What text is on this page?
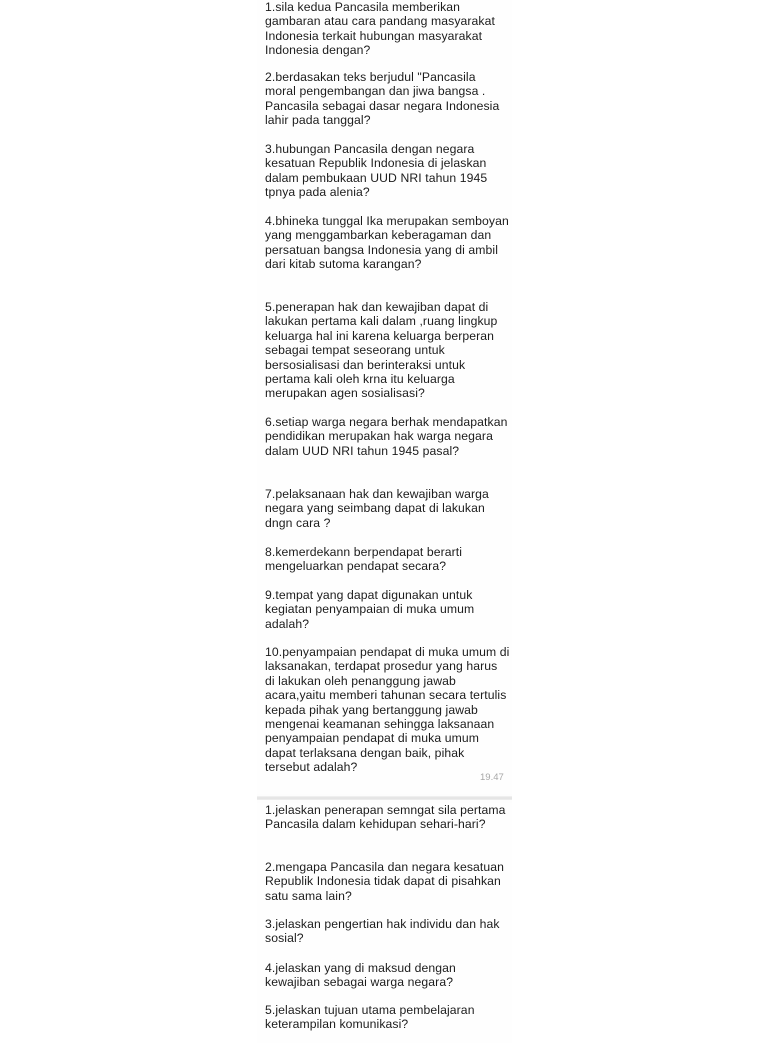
1.sila kedua Pancasila memberikan gambaran atau cara pandang masyarakat Indonesia terkait hubungan masyarakat Indonesia dengan?

2.berdasakan teks berjudul "Pancasila moral pengembangan dan jiwa bangsa . Pancasila sebagai dasar negara Indonesia lahir pada tanggal?

3.hubungan Pancasila dengan negara kesatuan Republik Indonesia di jelaskan dalam pembukaan UUD NRI tahun 1945 tpnya pada alenia?

4.bhineka tunggal Ika merupakan semboyan yang menggambarkan keberagaman dan persatuan bangsa Indonesia yang di ambil dari kitab sutoma karangan?

5.penerapan hak dan kewajiban dapat di lakukan pertama kali dalam ,ruang lingkup keluarga hal ini karena keluarga berperan sebagai tempat seseorang untuk bersosialisasi dan berinteraksi untuk pertama kali oleh krna itu keluarga merupakan agen sosialisasi?

6.setiap warga negara berhak mendapatkan pendidikan merupakan hak warga negara dalam UUD NRI tahun 1945 pasal?

7.pelaksanaan hak dan kewajiban warga negara yang seimbang dapat di lakukan dngn cara ?

8.kemerdekann berpendapat berarti mengeluarkan pendapat secara?

9.tempat yang dapat digunakan untuk kegiatan penyampaian di muka umum adalah?

10.penyampaian pendapat di muka umum di laksanakan, terdapat prosedur yang harus di lakukan oleh penanggung jawab acara,yaitu memberi tahunan secara tertulis kepada pihak yang bertanggung jawab mengenai keamanan sehingga laksanaan penyampaian pendapat di muka umum dapat terlaksana dengan baik, pihak tersebut adalah?

19.47

1.jelaskan penerapan semngat sila pertama Pancasila dalam kehidupan sehari-hari?

2.mengapa Pancasila dan negara kesatuan Republik Indonesia tidak dapat di pisahkan satu sama lain?

3.jelaskan pengertian hak individu dan hak sosial?

4.jelaskan yang di maksud dengan kewajiban sebagai warga negara?

5.jelaskan tujuan utama pembelajaran keterampilan komunikasi?
